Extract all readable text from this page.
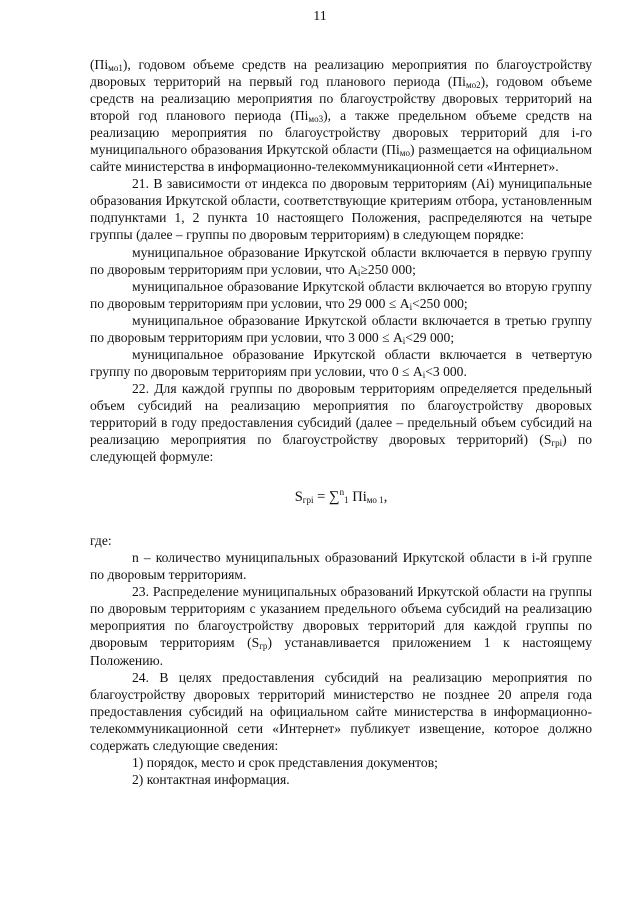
11

$(Пі_{мо1})$, годовом объеме средств на реализацию мероприятия по благоустройству дворовых территорий на первый год планового периода $(Пі_{мо2})$, годовом объеме средств на реализацию мероприятия по благоустройству дворовых территорий на второй год планового периода $(Пі_{мо3})$, а также предельном объеме средств на реализацию мероприятия по благоустройству дворовых территорий для i-го муниципального образования Иркутской области $(Пі_{мо})$ размещается на официальном сайте министерства в информационно-телекоммуникационной сети «Интернет».

21. В зависимости от индекса по дворовым территориям (Ai) муниципальные образования Иркутской области, соответствующие критериям отбора, установленным подпунктами 1, 2 пункта 10 настоящего Положения, распределяются на четыре группы (далее – группы по дворовым территориям) в следующем порядке:

муниципальное образование Иркутской области включается в первую группу по дворовым территориям при условии, что $A_i\ge 250$ 000;

муниципальное образование Иркутской области включается во вторую группу по дворовым территориям при условии, что 29 $000 \le A_i<250$ 000;

муниципальное образование Иркутской области включается в третью группу по дворовым территориям при условии, что 3 $000 \le A_i<29$ 000;

муниципальное образование Иркутской области включается в четвертую группу по дворовым территориям при условии, что $0 \le A_i<3$ 000.

22. Для каждой группы по дворовым территориям определяется предельный объем субсидий на реализацию мероприятия по благоустройству дворовых территорий в году предоставления субсидий (далее – предельный объем субсидий на реализацию мероприятия по благоустройству дворовых территорий) $(S_{грi})$ по следующей формуле:

$S_{грi} = \sum^n_1$ $Пі_{мо 1}$,

где:

n – количество муниципальных образований Иркутской области в i-й группе по дворовым территориям.

23. Распределение муниципальных образований Иркутской области на группы по дворовым территориям с указанием предельного объема субсидий на реализацию мероприятия по благоустройству дворовых территорий для каждой группы по дворовым территориям $(S_{гр})$ устанавливается приложением 1 к настоящему Положению.

24. В целях предоставления субсидий на реализацию мероприятия по благоустройству дворовых территорий министерство не позднее 20 апреля года предоставления субсидий на официальном сайте министерства в информационно-телекоммуникационной сети «Интернет» публикует извещение, которое должно содержать следующие сведения:

1) порядок, место и срок представления документов;

2) контактная информация.
